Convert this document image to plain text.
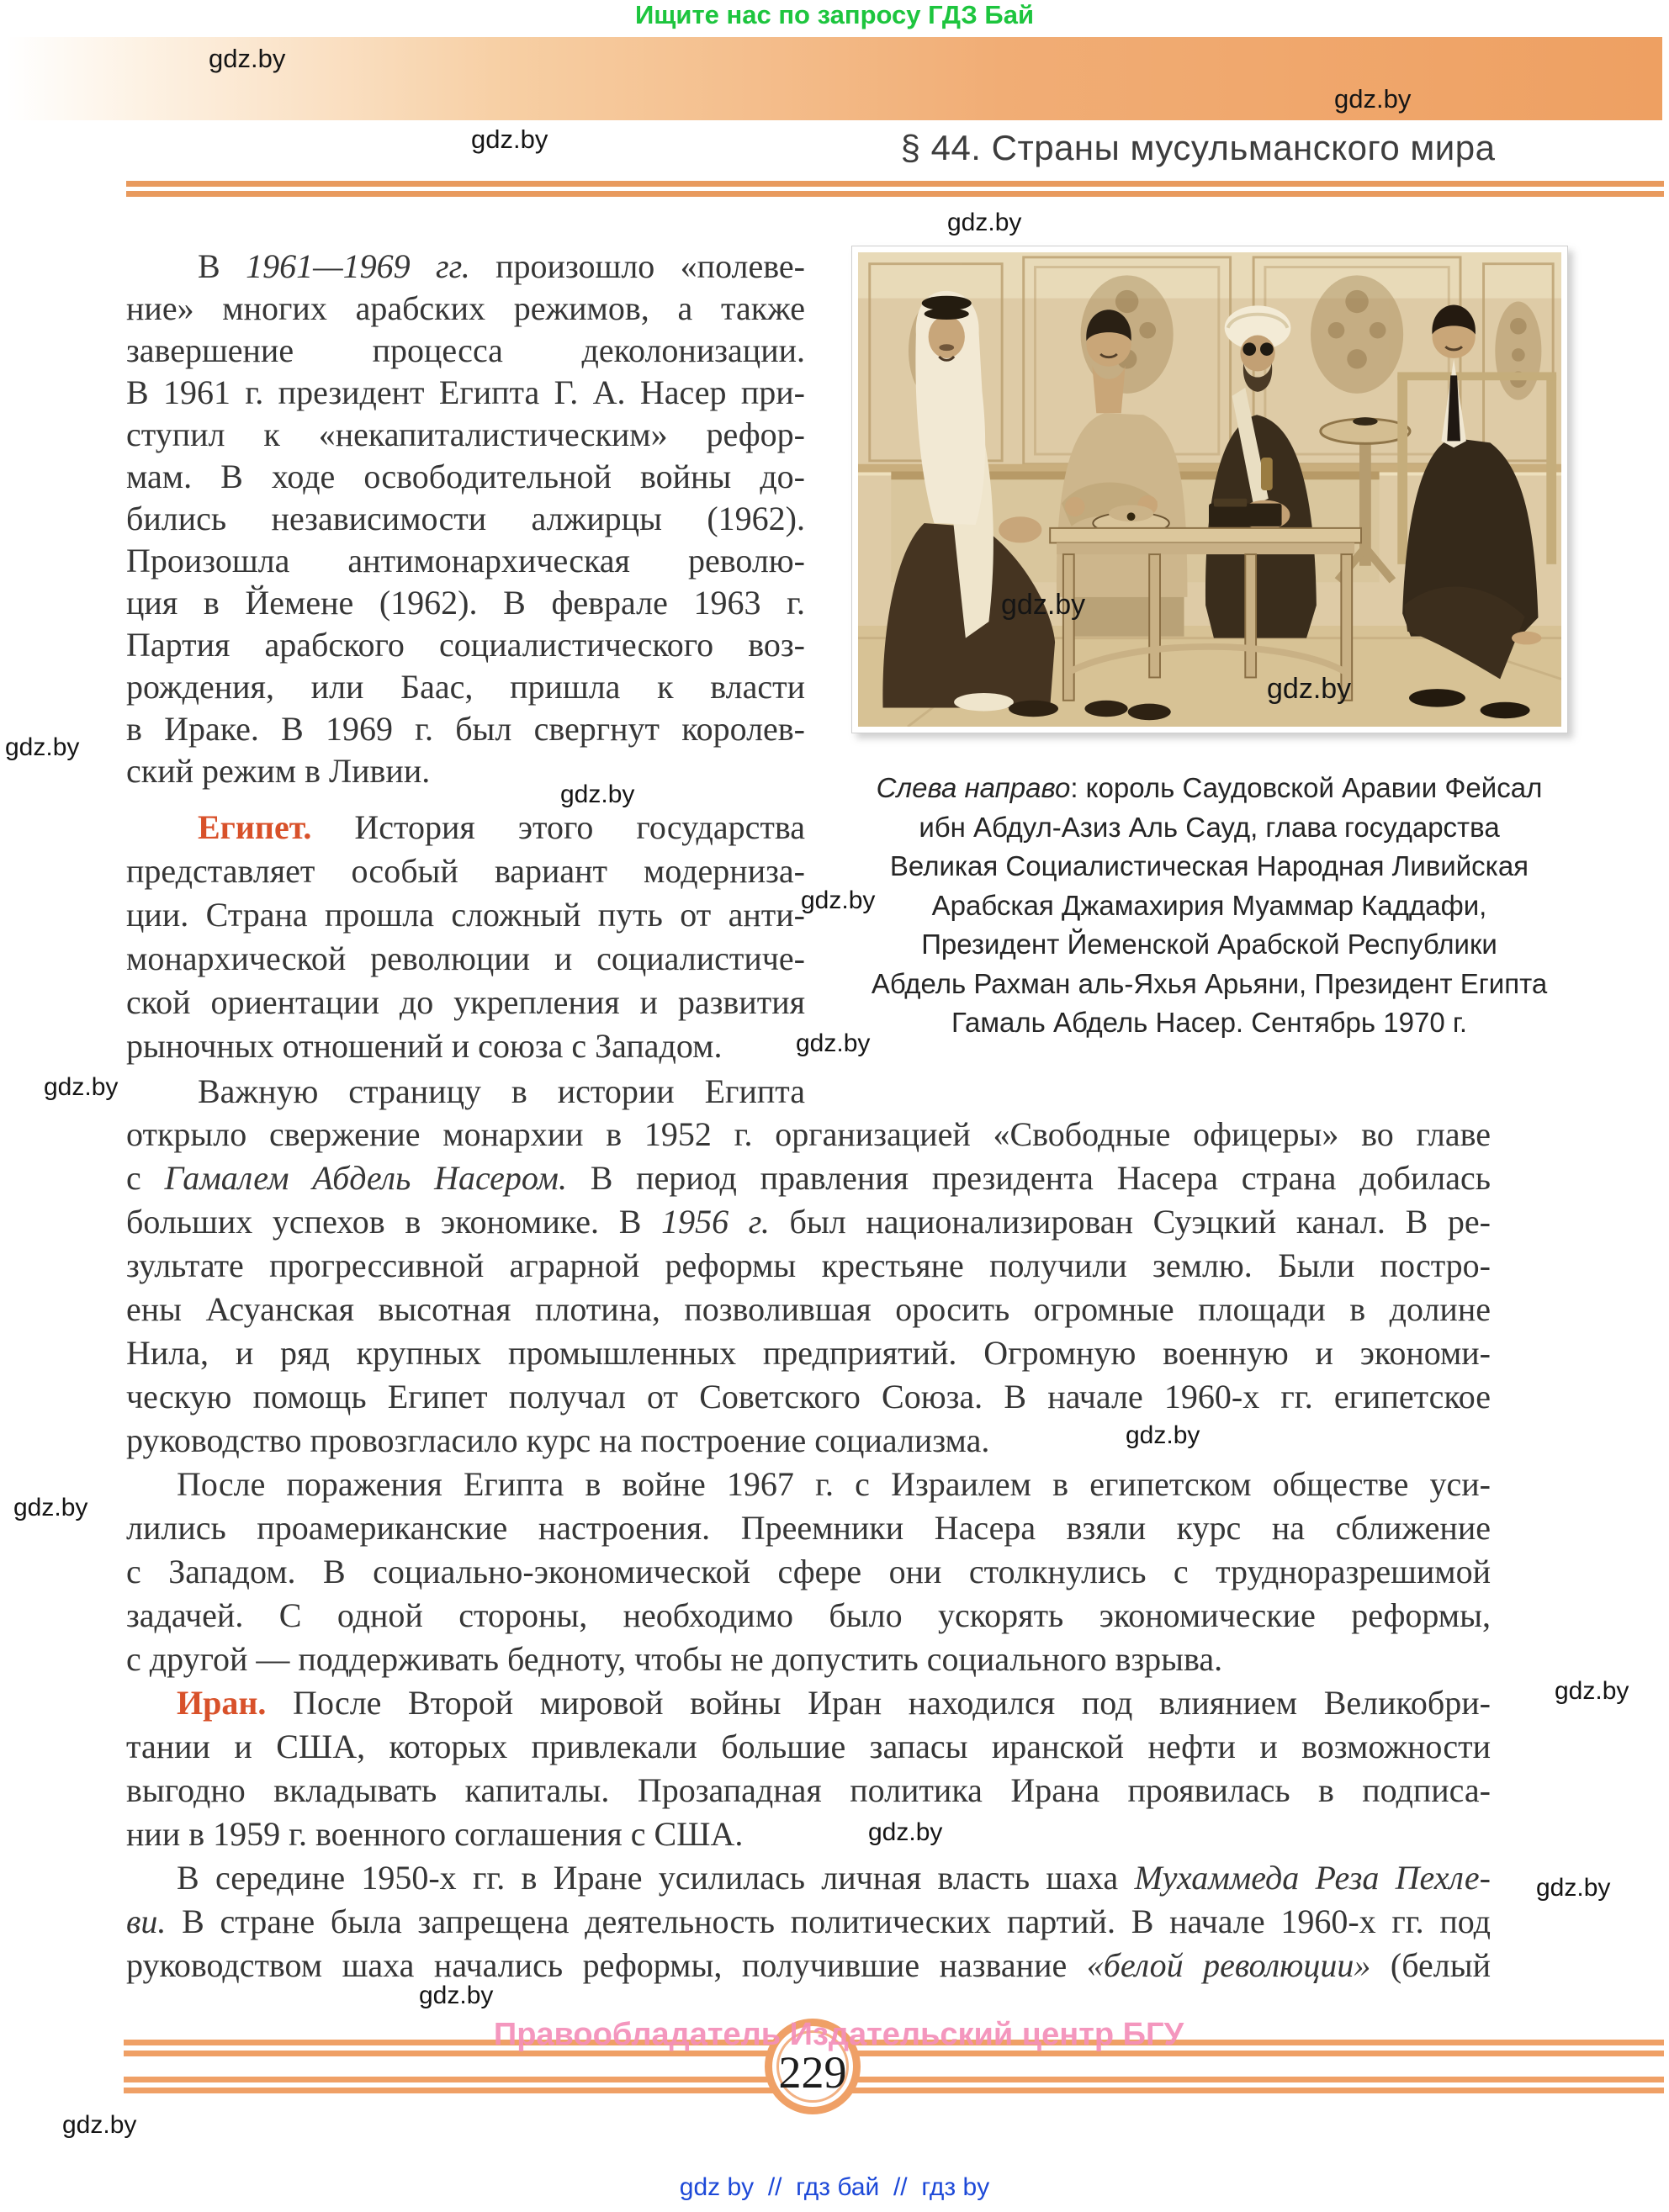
Ищите нас по запросу ГДЗ Бай
§ 44. Страны мусульманского мира
В 1961—1969 гг. произошло «полеве-
ние» многих арабских режимов, а также
завершение процесса деколонизации.
В 1961 г. президент Египта Г. А. Насер при-
ступил к «некапиталистическим» рефор-
мам. В ходе освободительной войны до-
бились независимости алжирцы (1962).
Произошла антимонархическая револю-
ция в Йемене (1962). В феврале 1963 г.
Партия арабского социалистического воз-
рождения, или Баас, пришла к власти
в Ираке. В 1969 г. был свергнут королев-
ский режим в Ливии.
Египет. История этого государства
представляет особый вариант модерниза-
ции. Страна прошла сложный путь от анти-
монархической революции и социалистиче-
ской ориентации до укрепления и развития
рыночных отношений и союза с Западом.
Важную страницу в истории Египта
Слева направо: король Саудовской Аравии Фейсал
ибн Абдул-Азиз Аль Сауд, глава государства
Великая Социалистическая Народная Ливийская
Арабская Джамахирия Муаммар Каддафи,
Президент Йеменской Арабской Республики
Абдель Рахман аль-Яхья Арьяни, Президент Египта
Гамаль Абдель Насер. Сентябрь 1970 г.
открыло свержение монархии в 1952 г. организацией «Свободные офицеры» во главе
с Гамалем Абдель Насером. В период правления президента Насера страна добилась
больших успехов в экономике. В 1956 г. был национализирован Суэцкий канал. В ре-
зультате прогрессивной аграрной реформы крестьяне получили землю. Были постро-
ены Асуанская высотная плотина, позволившая оросить огромные площади в долине
Нила, и ряд крупных промышленных предприятий. Огромную военную и экономи-
ческую помощь Египет получал от Советского Союза. В начале 1960-х гг. египетское
руководство провозгласило курс на построение социализма.
После поражения Египта в войне 1967 г. с Израилем в египетском обществе уси-
лились проамериканские настроения. Преемники Насера взяли курс на сближение
с Западом. В социально-экономической сфере они столкнулись с трудноразрешимой
задачей. С одной стороны, необходимо было ускорять экономические реформы,
с другой — поддерживать бедноту, чтобы не допустить социального взрыва.
Иран. После Второй мировой войны Иран находился под влиянием Великобри-
тании и США, которых привлекали большие запасы иранской нефти и возможности
выгодно вкладывать капиталы. Прозападная политика Ирана проявилась в подписа-
нии в 1959 г. военного соглашения с США.
В середине 1950-х гг. в Иране усилилась личная власть шаха Мухаммеда Реза Пехле-
ви. В стране была запрещена деятельность политических партий. В начале 1960-х гг. под
руководством шаха начались реформы, получившие название «белой революции» (белый
gdz.by
gdz.by
gdz.by
gdz.by
gdz.by
gdz.by
gdz.by
gdz.by
gdz.by
gdz.by
gdz.by
gdz.by
gdz.by
gdz.by
gdz.by
gdz.by
gdz.by
gdz.by
229
Правообладатель Издательский центр БГУ
gdz by  //  гдз бай  //  гдз by
